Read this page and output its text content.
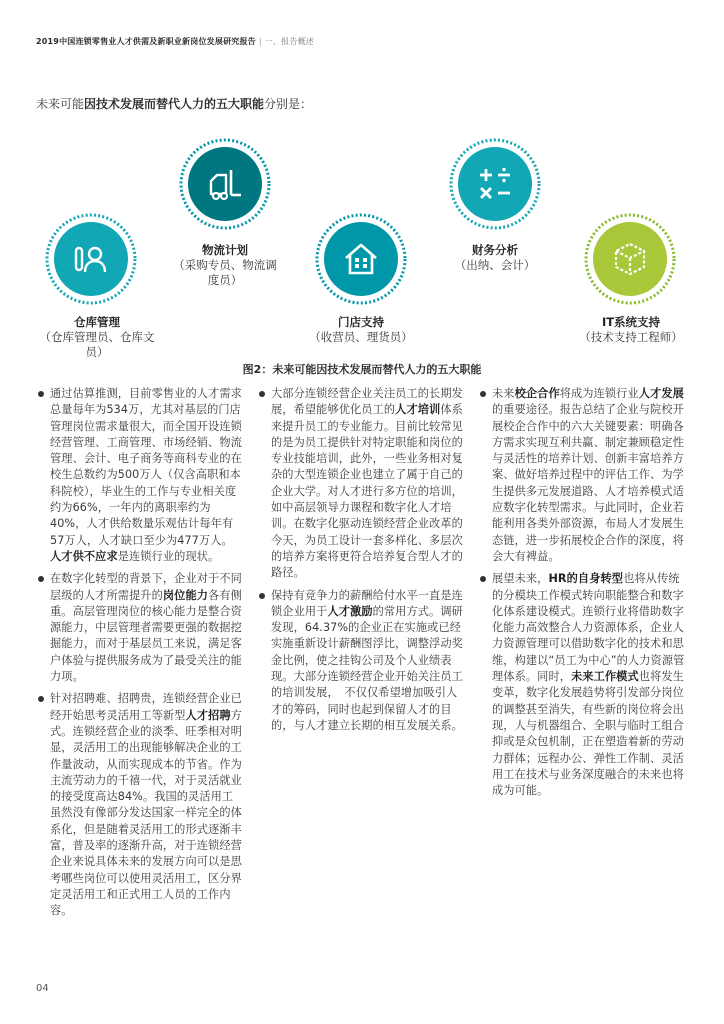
2019中国连锁零售业人才供需及新职业新岗位发展研究报告 | 一、报告概述
未来可能因技术发展而替代人力的五大职能分别是：
仓库管理
（仓库管理员、仓库文员）
物流计划
（采购专员、物流调度员）
门店支持
（收营员、理货员）
财务分析
（出纳、会计）
IT系统支持
（技术支持工程师）
图2：未来可能因技术发展而替代人力的五大职能

通过估算推测，目前零售业的人才需求总量每年为534万，尤其对基层的门店管理岗位需求量很大，而全国开设连锁经营管理、工商管理、市场经销、物流管理、会计、电子商务等商科专业的在校生总数约为500万人（仅含高职和本科院校），毕业生的工作与专业相关度约为66%，一年内的离职率约为40%，人才供给数量乐观估计每年有57万人，人才缺口至少为477万人。人才供不应求是连锁行业的现状。

在数字化转型的背景下，企业对于不同层级的人才所需提升的岗位能力各有侧重。高层管理岗位的核心能力是整合资源能力，中层管理者需要更强的数据挖掘能力，而对于基层员工来说，满足客户体验与提供服务成为了最受关注的能力项。

针对招聘难、招聘贵，连锁经营企业已经开始思考灵活用工等新型人才招聘方式。连锁经营企业的淡季、旺季相对明显，灵活用工的出现能够解决企业的工作量波动，从而实现成本的节省。作为主流劳动力的千禧一代，对于灵活就业的接受度高达84%。我国的灵活用工虽然没有像部分发达国家一样完全的体系化，但是随着灵活用工的形式逐渐丰富，普及率的逐渐升高，对于连锁经营企业来说具体未来的发展方向可以是思考哪些岗位可以使用灵活用工，区分界定灵活用工和正式用工人员的工作内容。

大部分连锁经营企业关注员工的长期发展，希望能够优化员工的人才培训体系来提升员工的专业能力。目前比较常见的是为员工提供针对特定职能和岗位的专业技能培训，此外，一些业务相对复杂的大型连锁企业也建立了属于自己的企业大学。对人才进行多方位的培训，如中高层领导力课程和数字化人才培训。在数字化驱动连锁经营企业改革的今天，为员工设计一套多样化、多层次的培养方案将更符合培养复合型人才的路径。

保持有竞争力的薪酬给付水平一直是连锁企业用于人才激励的常用方式。调研发现，64.37%的企业正在实施或已经实施重新设计薪酬图浮比，调整浮动奖金比例，使之挂钩公司及个人业绩表现。大部分连锁经营企业开始关注员工的培训发展，　不仅仅希望增加吸引人才的筹码，同时也起到保留人才的目的，与人才建立长期的相互发展关系。

未来校企合作将成为连锁行业人才发展的重要途径。报告总结了企业与院校开展校企合作中的六大关键要素：明确各方需求实现互利共赢、制定兼顾稳定性与灵活性的培养计划、创新丰富培养方案、做好培养过程中的评估工作、为学生提供多元发展道路、人才培养模式适应数字化转型需求。与此同时，企业若能利用各类外部资源，布局人才发展生态链，进一步拓展校企合作的深度，将会大有裨益。

展望未来，HR的自身转型也将从传统的分模块工作模式转向职能整合和数字化体系建设模式。连锁行业将借助数字化能力高效整合人力资源体系，企业人力资源管理可以借助数字化的技术和思维，构建以“员工为中心”的人力资源管理体系。同时，未来工作模式也将发生变革，数字化发展趋势将引发部分岗位的调整甚至消失，有些新的岗位将会出现，人与机器组合、全职与临时工组合抑或是众包机制，正在塑造着新的劳动力群体；远程办公、弹性工作制、灵活用工在技术与业务深度融合的未来也将成为可能。

04
